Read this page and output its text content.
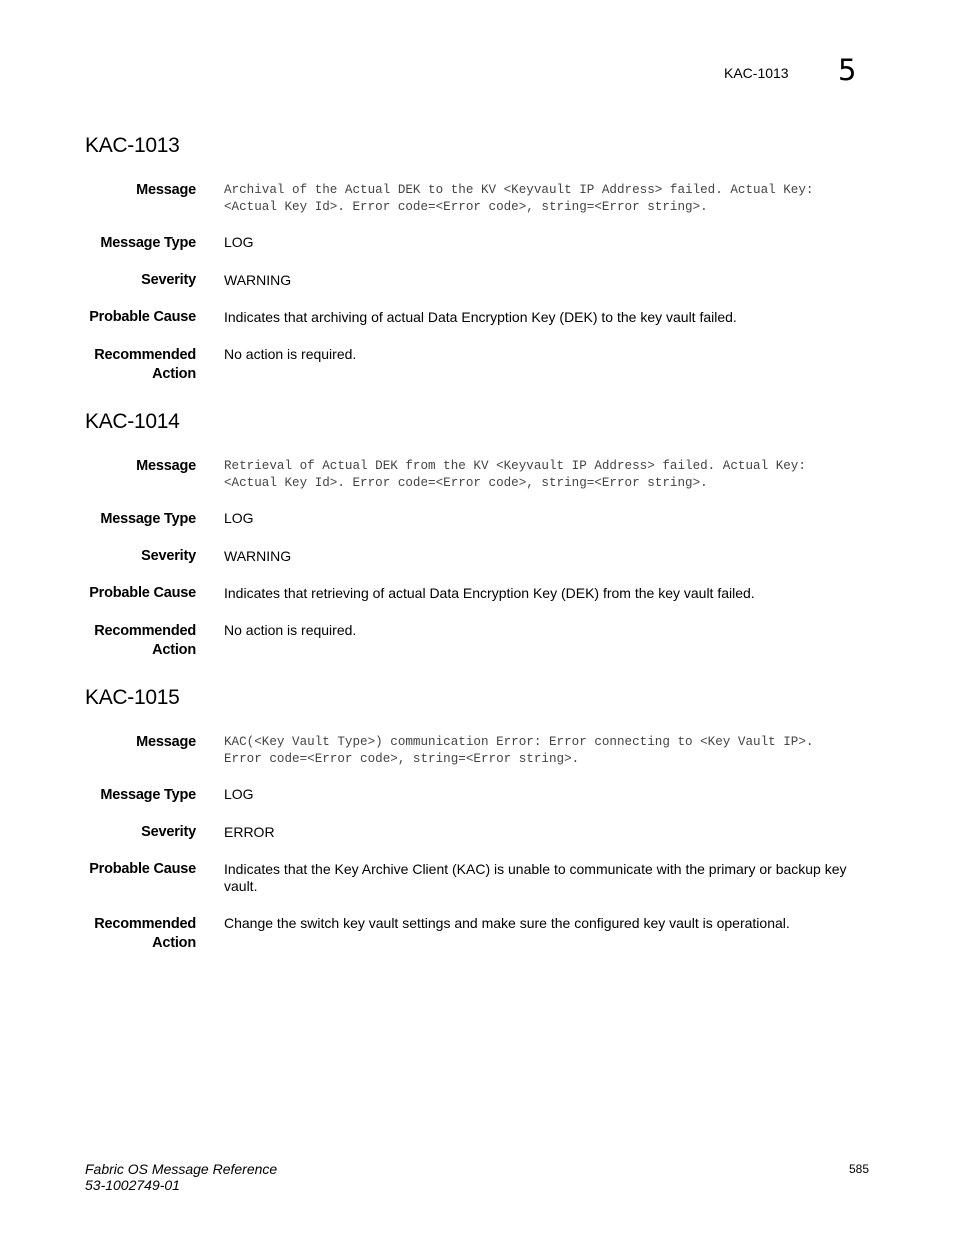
KAC-1013 5
KAC-1013
Message Archival of the Actual DEK to the KV <Keyvault IP Address> failed. Actual Key:
<Actual Key Id>. Error code=<Error code>, string=<Error string>.
Message Type LOG
Severity WARNING
Probable Cause Indicates that archiving of actual Data Encryption Key (DEK) to the key vault failed.
Recommended
Action
No action is required.
KAC-1014
Message Retrieval of Actual DEK from the KV <Keyvault IP Address> failed. Actual Key:
<Actual Key Id>. Error code=<Error code>, string=<Error string>.
Message Type LOG
Severity WARNING
Probable Cause Indicates that retrieving of actual Data Encryption Key (DEK) from the key vault failed.
Recommended
Action
No action is required.
KAC-1015
Message KAC(<Key Vault Type>) communication Error: Error connecting to <Key Vault IP>.
Error code=<Error code>, string=<Error string>.
Message Type LOG
Severity ERROR
Probable Cause Indicates that the Key Archive Client (KAC) is unable to communicate with the primary or backup key vault.
Recommended
Action
Change the switch key vault settings and make sure the configured key vault is operational.
Fabric OS Message Reference
53-1002749-01
585
